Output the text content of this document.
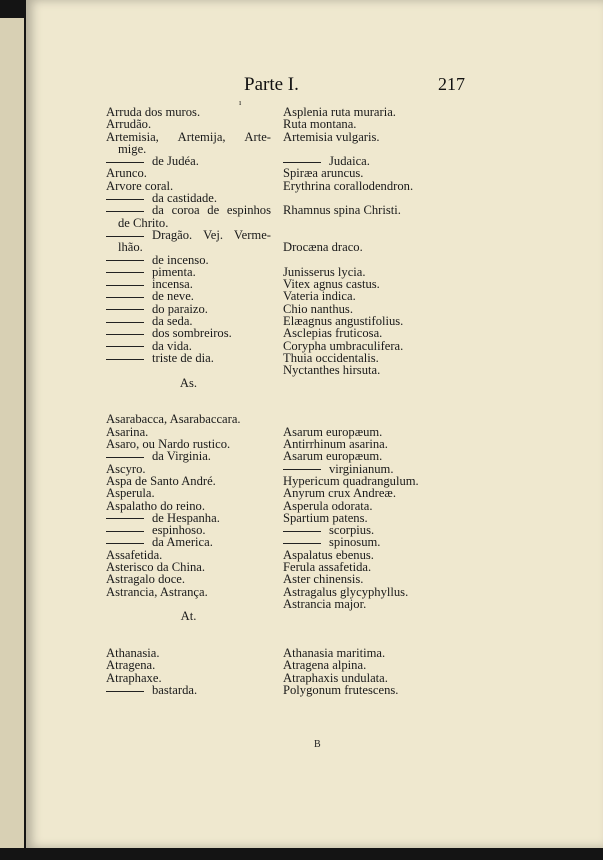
Parte I.
ı
217
Arruda dos muros.
Arrudão.
Artemisia, Artemija, Arte-
mige.
de Judéa.
Arunco.
Arvore coral.
da castidade.
da coroa de espinhos
de Chrito.
Dragão. Vej. Verme-
lhão.
de incenso.
pimenta.
incensa.
de neve.
do paraizo.
da seda.
dos sombreiros.
da vida.
triste de dia.
As.
Asarabacca, Asarabaccara.
Asarina.
Asaro, ou Nardo rustico.
da Virginia.
Ascyro.
Aspa de Santo André.
Asperula.
Aspalatho do reino.
de Hespanha.
espinhoso.
da America.
Assafetida.
Asterisco da China.
Astragalo doce.
Astrancia, Astrança.
At.
Athanasia.
Atragena.
Atraphaxe.
bastarda.
Asplenia ruta muraria.
Ruta montana.
Artemisia vulgaris.
Judaica.
Spiræa aruncus.
Erythrina corallodendron.
Rhamnus spina Christi.
Drocæna draco.
Junisserus lycia.
Vitex agnus castus.
Vateria indica.
Chio nanthus.
Elæagnus angustifolius.
Asclepias fruticosa.
Corypha umbraculifera.
Thuia occidentalis.
Nyctanthes hirsuta.
Asarum europæum.
Antirrhinum asarina.
Asarum europæum.
virginianum.
Hypericum quadrangulum.
Anyrum crux Andreæ.
Asperula odorata.
Spartium patens.
scorpius.
spinosum.
Aspalatus ebenus.
Ferula assafetida.
Aster chinensis.
Astragalus glycyphyllus.
Astrancia major.
Athanasia maritima.
Atragena alpina.
Atraphaxis undulata.
Polygonum frutescens.
B
